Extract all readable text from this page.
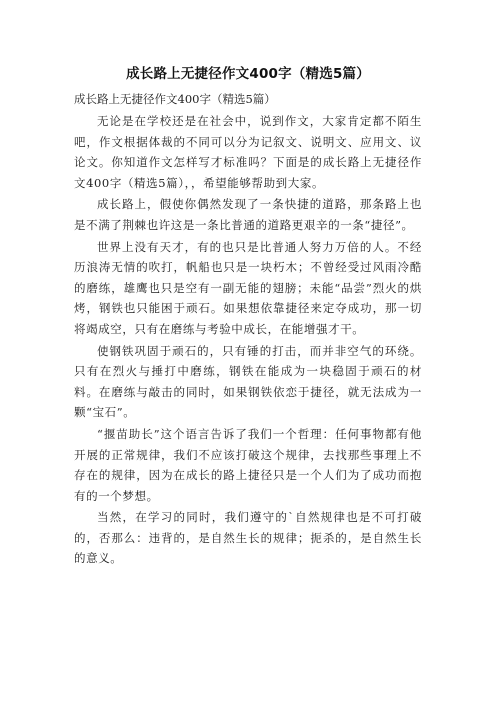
成长路上无捷径作文400字（精选5篇）

成长路上无捷径作文400字（精选5篇）

无论是在学校还是在社会中，说到作文，大家肯定都不陌生吧，作文根据体裁的不同可以分为记叙文、说明文、应用文、议论文。你知道作文怎样写才标准吗？下面是的成长路上无捷径作文400字（精选5篇），，希望能够帮助到大家。

成长路上，假使你偶然发现了一条快捷的道路，那条路上也是不满了荆棘也许这是一条比普通的道路更艰辛的一条“捷径”。

世界上没有天才，有的也只是比普通人努力万倍的人。不经历浪涛无情的吹打，帆船也只是一块朽木；不曾经受过风雨冷酷的磨练，雄鹰也只是空有一副无能的翅膀；未能“品尝”烈火的烘烤，钢铁也只能困于顽石。如果想依靠捷径来定夺成功，那一切将竭成空，只有在磨练与考验中成长，在能增强才干。

使钢铁巩固于顽石的，只有锤的打击，而并非空气的环绕。只有在烈火与捶打中磨练，钢铁在能成为一块稳固于顽石的材料。在磨练与敲击的同时，如果钢铁依恋于捷径，就无法成为一颗“宝石”。

“揠苗助长”这个语言告诉了我们一个哲理：任何事物都有他开展的正常规律，我们不应该打破这个规律，去找那些事理上不存在的规律，因为在成长的路上捷径只是一个人们为了成功而抱有的一个梦想。

当然，在学习的同时，我们遵守的`自然规律也是不可打破的，否那么：违背的，是自然生长的规律；扼杀的，是自然生长的意义。
